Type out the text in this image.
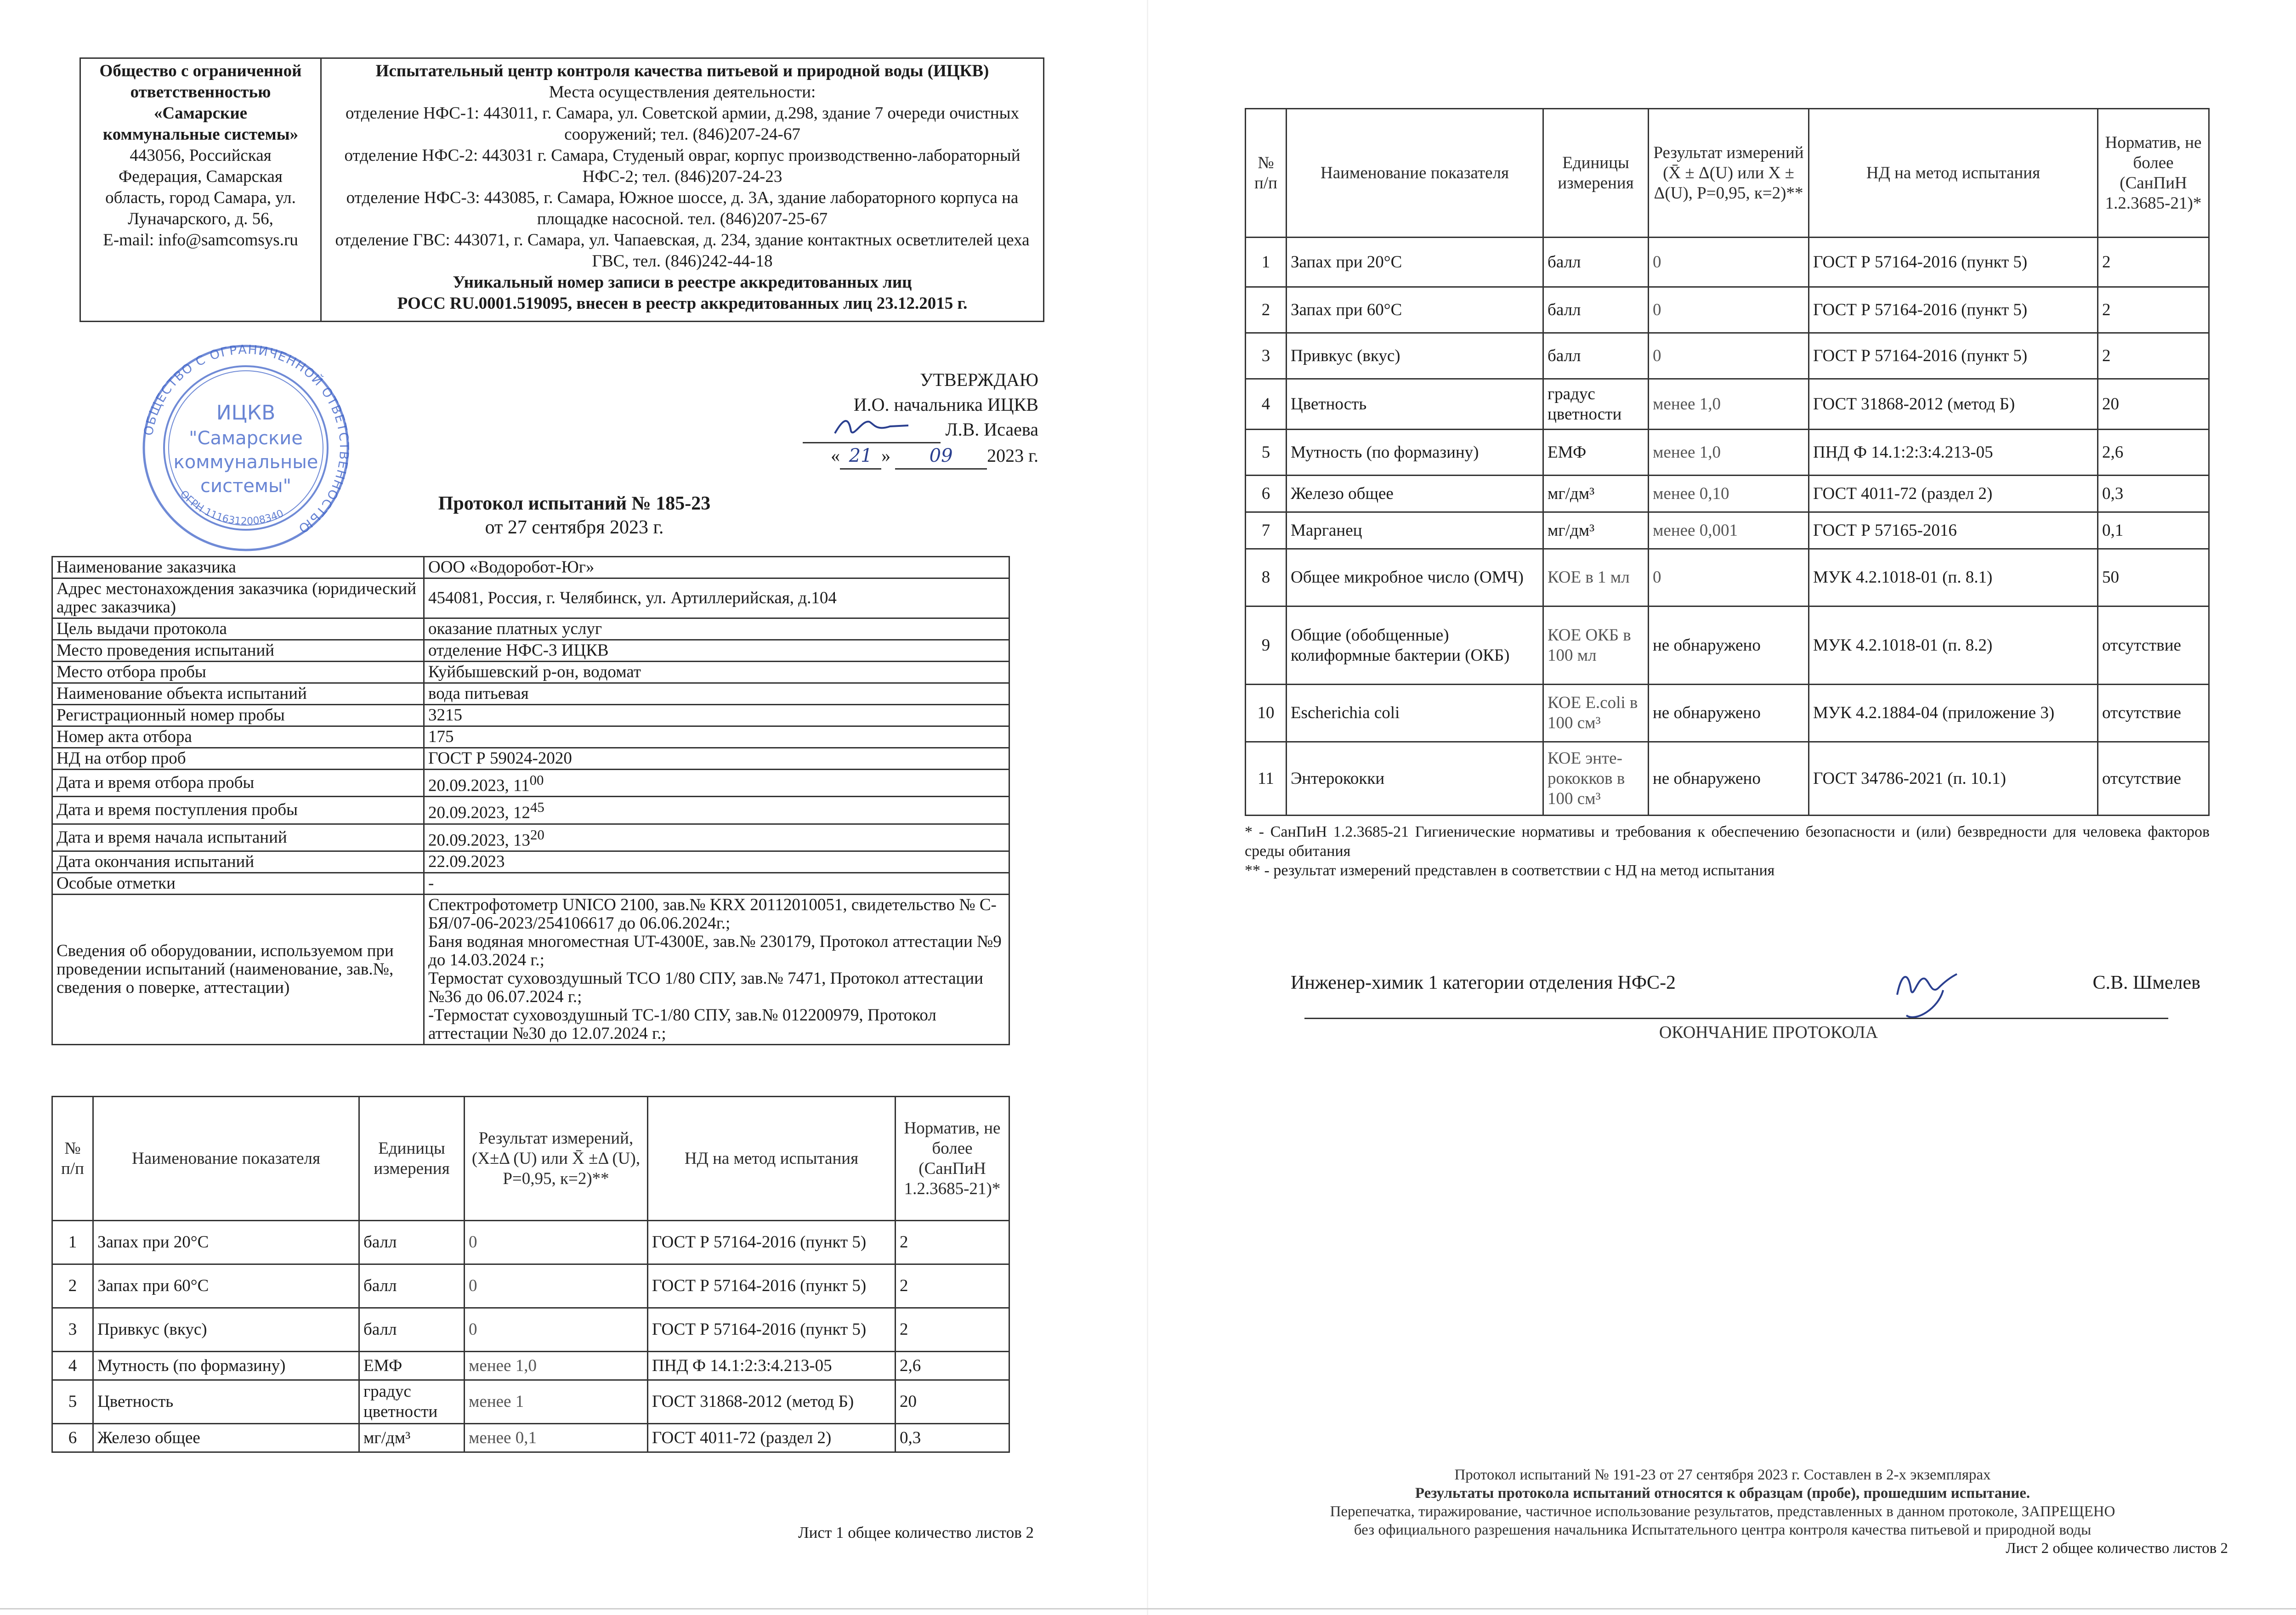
Общество с ограниченной
ответственностью
«Самарские
коммунальные системы»
443056, Российская
Федерация, Самарская
область, город Самара, ул.
Луначарского, д. 56,
E-mail: info@samcomsys.ru

Испытательный центр контроля качества питьевой и природной воды (ИЦКВ)
Места осуществления деятельности:
отделение НФС-1: 443011, г. Самара, ул. Советской армии, д.298, здание 7 очереди очистных сооружений; тел. (846)207-24-67
отделение НФС-2: 443031 г. Самара, Студеный овраг, корпус производственно-лабораторный НФС-2; тел. (846)207-24-23
отделение НФС-3: 443085, г. Самара, Южное шоссе, д. 3А, здание лабораторного корпуса на площадке насосной. тел. (846)207-25-67
отделение ГВС: 443071, г. Самара, ул. Чапаевская, д. 234, здание контактных осветлителей цеха ГВС, тел. (846)242-44-18
Уникальный номер записи в реестре аккредитованных лиц
РОСС RU.0001.519095, внесен в реестр аккредитованных лиц 23.12.2015 г.
ОБЩЕСТВО С ОГРАНИЧЕННОЙ ОТВЕТСТВЕННОСТЬЮ
ОГРН 1116312008340
ИЦКВ
"Самарские
коммунальные
системы"
УТВЕРЖДАЮ
И.О. начальника ИЦКВ
Л.В. Исаева
« 21 » 09 2023 г.
Протокол испытаний № 185-23
от 27 сентября 2023 г.
Наименование заказчика	ООО «Водоробот-Юг»
Адрес местонахождения заказчика (юридический адрес заказчика)	454081, Россия, г. Челябинск, ул. Артиллерийская, д.104
Цель выдачи протокола	оказание платных услуг
Место проведения испытаний	отделение НФС-3 ИЦКВ
Место отбора пробы	Куйбышевский р-он, водомат
Наименование объекта испытаний	вода питьевая
Регистрационный номер пробы	3215
Номер акта отбора	175
НД на отбор проб	ГОСТ Р 59024-2020
Дата и время отбора пробы	20.09.2023, $11^{00}$
Дата и время поступления пробы	20.09.2023, $12^{45}$
Дата и время начала испытаний	20.09.2023, $13^{20}$
Дата окончания испытаний	22.09.2023
Особые отметки	-
Сведения об оборудовании, используемом при проведении испытаний (наименование, зав.№, сведения о поверке, аттестации)	Спектрофотометр UNICO 2100, зав.№ KRX 20112010051, свидетельство № С-БЯ/07-06-2023/254106617 до 06.06.2024г.;
Баня водяная многоместная UT-4300E, зав.№ 230179, Протокол аттестации №9 до 14.03.2024 г.;
Термостат суховоздушный ТСО 1/80 СПУ, зав.№ 7471, Протокол аттестации №36 до 06.07.2024 г.;
-Термостат суховоздушный ТС-1/80 СПУ, зав.№ 012200979, Протокол аттестации №30 до 12.07.2024 г.;
№ п/п	Наименование показателя	Единицы измерения	Результат измерений, (Х±Δ (U) или X̄ ±Δ (U), Р=0,95, к=2)**	НД на метод испытания	Норматив, не более (СанПиН 1.2.3685-21)*
1	Запах при 20°С	балл	0	ГОСТ Р 57164-2016 (пункт 5)	2
2	Запах при 60°С	балл	0	ГОСТ Р 57164-2016 (пункт 5)	2
3	Привкус (вкус)	балл	0	ГОСТ Р 57164-2016 (пункт 5)	2
4	Мутность (по формазину)	ЕМФ	менее 1,0	ПНД Ф 14.1:2:3:4.213-05	2,6
5	Цветность	градус цветности	менее 1	ГОСТ 31868-2012 (метод Б)	20
6	Железо общее	мг/дм³	менее 0,1	ГОСТ 4011-72 (раздел 2)	0,3
Лист 1 общее количество листов 2
№ п/п	Наименование показателя	Единицы измерения	Результат измерений (X̄ ± Δ(U) или X ± Δ(U), Р=0,95, к=2)**	НД на метод испытания	Норматив, не более (СанПиН 1.2.3685-21)*
1	Запах при 20°С	балл	0	ГОСТ Р 57164-2016 (пункт 5)	2
2	Запах при 60°С	балл	0	ГОСТ Р 57164-2016 (пункт 5)	2
3	Привкус (вкус)	балл	0	ГОСТ Р 57164-2016 (пункт 5)	2
4	Цветность	градус цветности	менее 1,0	ГОСТ 31868-2012 (метод Б)	20
5	Мутность (по формазину)	ЕМФ	менее 1,0	ПНД Ф 14.1:2:3:4.213-05	2,6
6	Железо общее	мг/дм³	менее 0,10	ГОСТ 4011-72 (раздел 2)	0,3
7	Марганец	мг/дм³	менее 0,001	ГОСТ Р 57165-2016	0,1
8	Общее микробное число (ОМЧ)	КОЕ в 1 мл	0	МУК 4.2.1018-01 (п. 8.1)	50
9	Общие (обобщенные) колиформные бактерии (ОКБ)	КОЕ ОКБ в 100 мл	не обнаружено	МУК 4.2.1018-01 (п. 8.2)	отсутствие
10	Escherichia coli	КОЕ E.coli в 100 см³	не обнаружено	МУК 4.2.1884-04 (приложение 3)	отсутствие
11	Энтерококки	КОЕ энте-рококков в 100 см³	не обнаружено	ГОСТ 34786-2021 (п. 10.1)	отсутствие
* - СанПиН 1.2.3685-21 Гигиенические нормативы и требования к обеспечению безопасности и (или) безвредности для человека факторов среды обитания
** - результат измерений представлен в соответствии с НД на метод испытания
Инженер-химик 1 категории отделения НФС-2	С.В. Шмелев
ОКОНЧАНИЕ ПРОТОКОЛА
Протокол испытаний № 191-23 от 27 сентября 2023 г. Составлен в 2-х экземплярах
Результаты протокола испытаний относятся к образцам (пробе), прошедшим испытание.
Перепечатка, тиражирование, частичное использование результатов, представленных в данном протоколе, ЗАПРЕЩЕНО
без официального разрешения начальника Испытательного центра контроля качества питьевой и природной воды
Лист 2 общее количество листов 2
